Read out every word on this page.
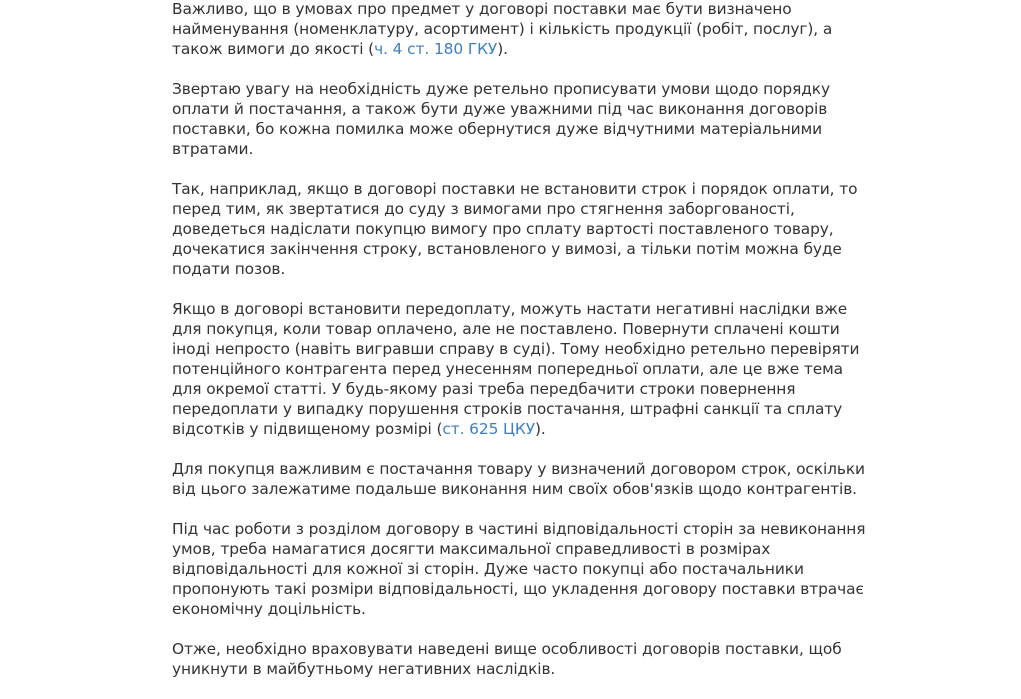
Важливо, що в умовах про предмет у договорі поставки має бути визначено найменування (номенклатуру, асортимент) і кількість продукції (робіт, послуг), а також вимоги до якості (ч. 4 ст. 180 ГКУ).

Звертаю увагу на необхідність дуже ретельно прописувати умови щодо порядку оплати й постачання, а також бути дуже уважними під час виконання договорів поставки, бо кожна помилка може обернутися дуже відчутними матеріальними втратами.

Так, наприклад, якщо в договорі поставки не встановити строк і порядок оплати, то перед тим, як звертатися до суду з вимогами про стягнення заборгованості, доведеться надіслати покупцю вимогу про сплату вартості поставленого товару, дочекатися закінчення строку, встановленого у вимозі, а тільки потім можна буде подати позов.

Якщо в договорі встановити передоплату, можуть настати негативні наслідки вже для покупця, коли товар оплачено, але не поставлено. Повернути сплачені кошти іноді непросто (навіть вигравши справу в суді). Тому необхідно ретельно перевіряти потенційного контрагента перед унесенням попередньої оплати, але це вже тема для окремої статті. У будь-якому разі треба передбачити строки повернення передоплати у випадку порушення строків постачання, штрафні санкції та сплату відсотків у підвищеному розмірі (ст. 625 ЦКУ).

Для покупця важливим є постачання товару у визначений договором строк, оскільки від цього залежатиме подальше виконання ним своїх обов'язків щодо контрагентів.

Під час роботи з розділом договору в частині відповідальності сторін за невиконання умов, треба намагатися досягти максимальної справедливості в розмірах відповідальності для кожної зі сторін. Дуже часто покупці або постачальники пропонують такі розміри відповідальності, що укладення договору поставки втрачає економічну доцільність.

Отже, необхідно враховувати наведені вище особливості договорів поставки, щоб уникнути в майбутньому негативних наслідків.
